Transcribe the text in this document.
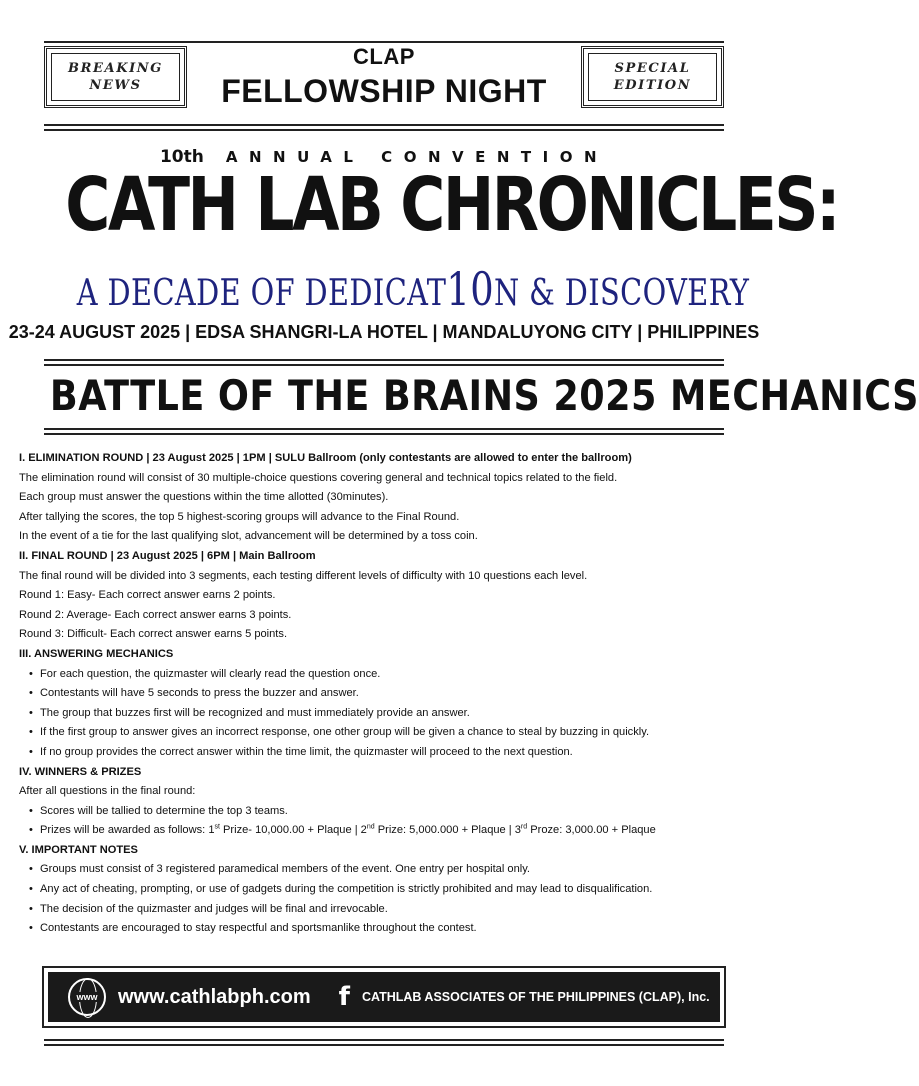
BREAKING
NEWS
SPECIAL
EDITION
CLAP
FELLOWSHIP NIGHT
10th ANNUAL CONVENTION
CATH LAB CHRONICLES:
A DECADE OF DEDICAT10N & DISCOVERY
23-24 AUGUST 2025 | EDSA SHANGRI-LA HOTEL | MANDALUYONG CITY | PHILIPPINES
BATTLE OF THE BRAINS 2025 MECHANICS
I. ELIMINATION ROUND | 23 August 2025 | 1PM | SULU Ballroom (only contestants are allowed to enter the ballroom)
The elimination round will consist of 30 multiple-choice questions covering general and technical topics related to the field.
Each group must answer the questions within the time allotted (30minutes).
After tallying the scores, the top 5 highest-scoring groups will advance to the Final Round.
In the event of a tie for the last qualifying slot, advancement will be determined by a toss coin.
II. FINAL ROUND | 23 August 2025 | 6PM | Main Ballroom
The final round will be divided into 3 segments, each testing different levels of difficulty with 10 questions each level.
Round 1: Easy- Each correct answer earns 2 points.
Round 2: Average- Each correct answer earns 3 points.
Round 3: Difficult- Each correct answer earns 5 points.
III. ANSWERING MECHANICS
• For each question, the quizmaster will clearly read the question once.
• Contestants will have 5 seconds to press the buzzer and answer.
• The group that buzzes first will be recognized and must immediately provide an answer.
• If the first group to answer gives an incorrect response, one other group will be given a chance to steal by buzzing in quickly.
• If no group provides the correct answer within the time limit, the quizmaster will proceed to the next question.
IV. WINNERS & PRIZES
After all questions in the final round:
• Scores will be tallied to determine the top 3 teams.
• Prizes will be awarded as follows: 1st Prize- 10,000.00 + Plaque | 2nd Prize: 5,000.000 + Plaque | 3rd Proze: 3,000.00 + Plaque
V. IMPORTANT NOTES
• Groups must consist of 3 registered paramedical members of the event. One entry per hospital only.
• Any act of cheating, prompting, or use of gadgets during the competition is strictly prohibited and may lead to disqualification.
• The decision of the quizmaster and judges will be final and irrevocable.
• Contestants are encouraged to stay respectful and sportsmanlike throughout the contest.
www www.cathlabph.com f CATHLAB ASSOCIATES OF THE PHILIPPINES (CLAP), Inc.
